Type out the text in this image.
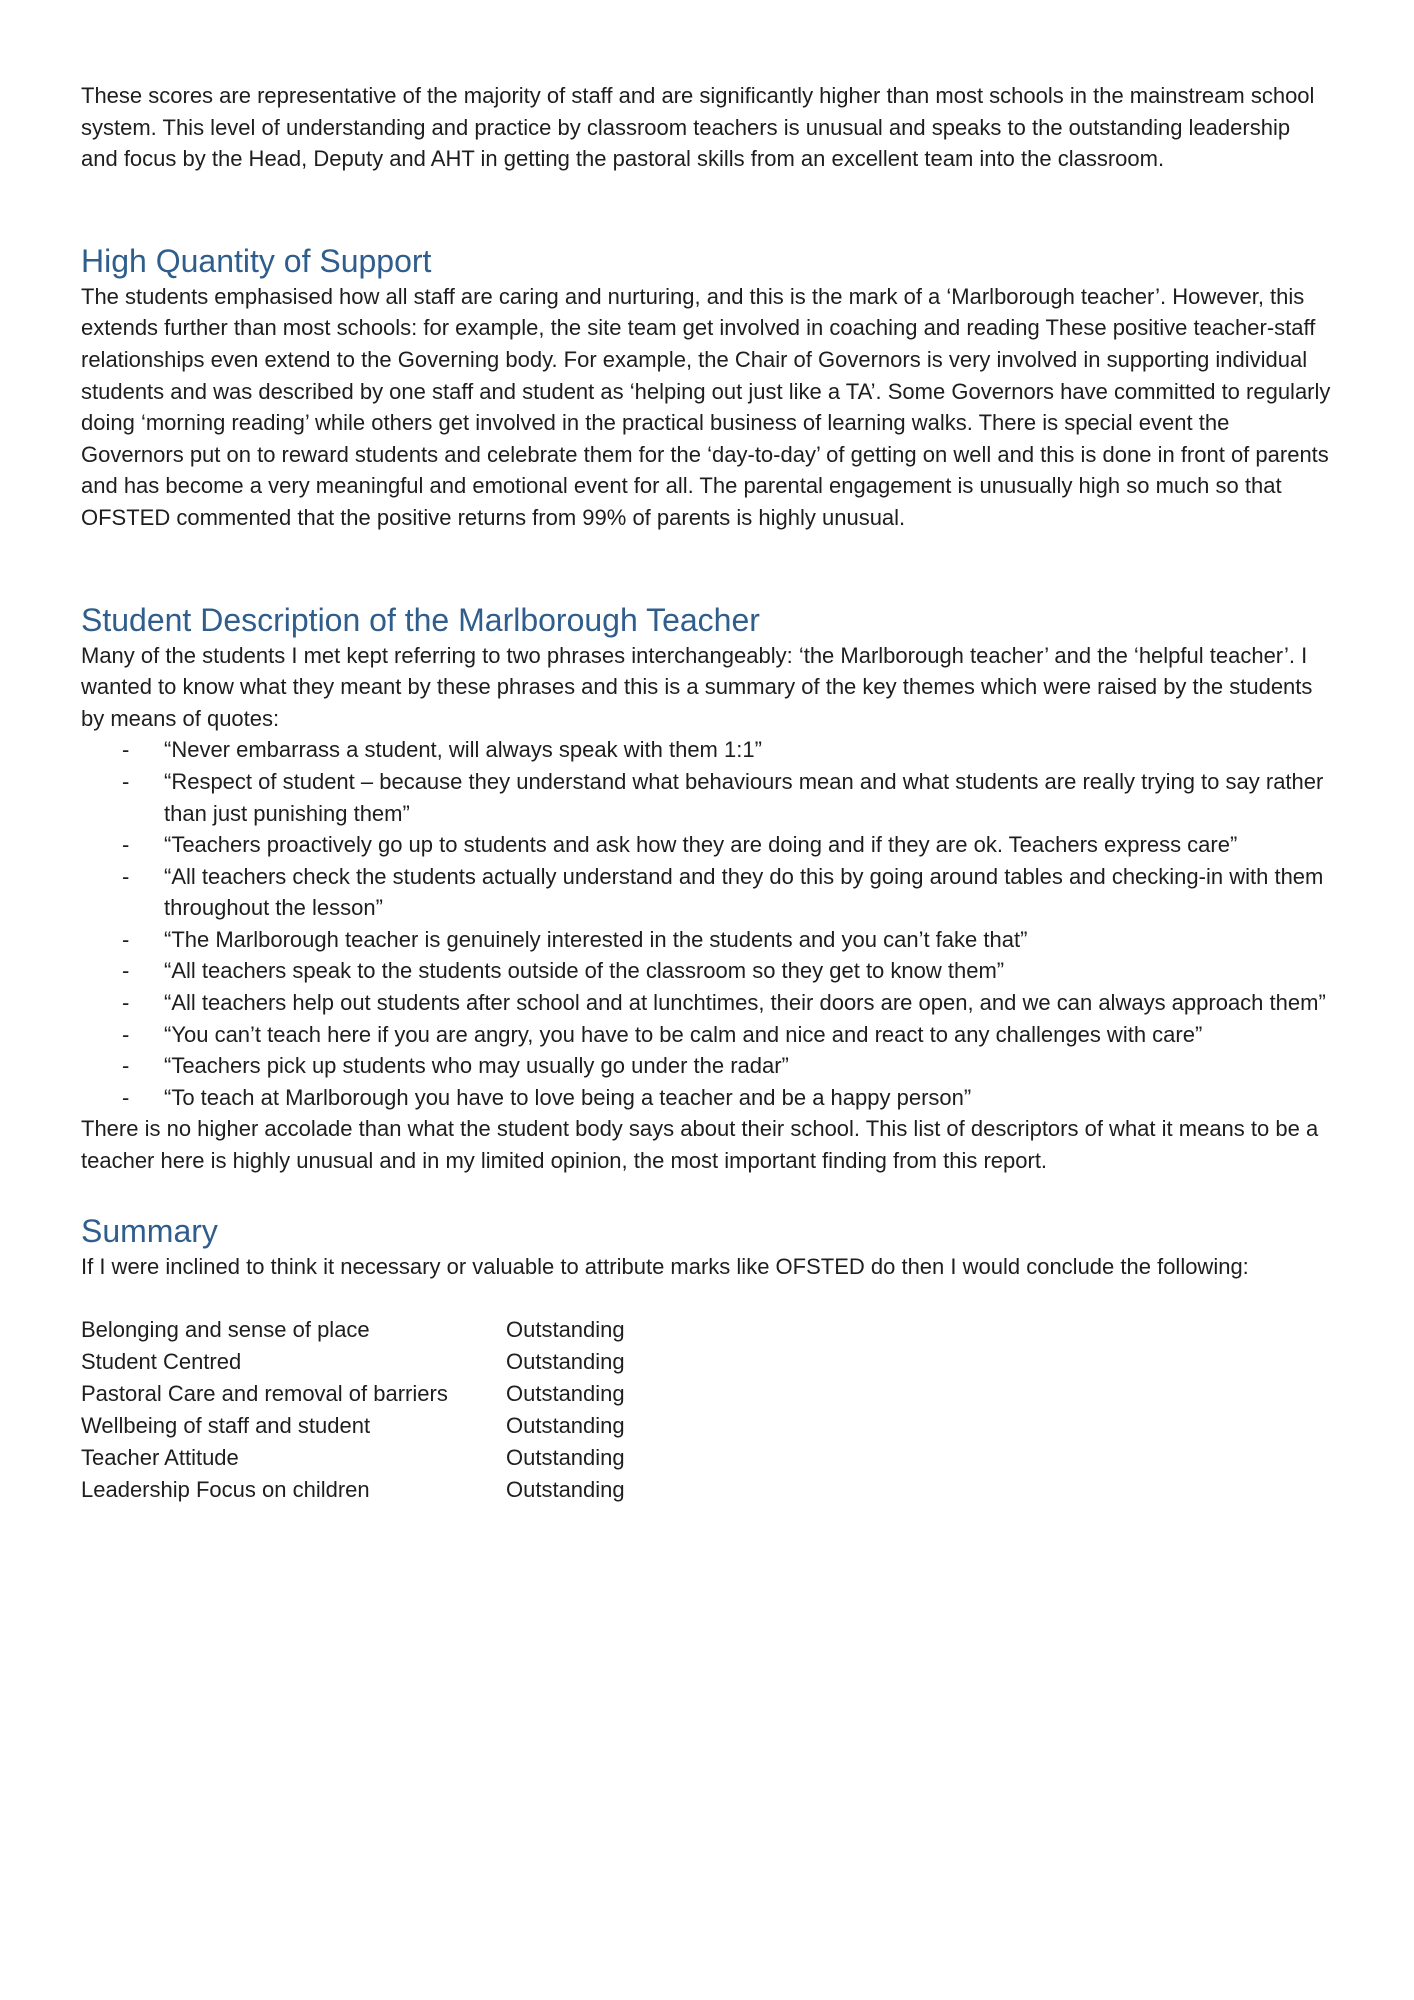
These scores are representative of the majority of staff and are significantly higher than most schools in the mainstream school system. This level of understanding and practice by classroom teachers is unusual and speaks to the outstanding leadership and focus by the Head, Deputy and AHT in getting the pastoral skills from an excellent team into the classroom.

High Quantity of Support

The students emphasised how all staff are caring and nurturing, and this is the mark of a ‘Marlborough teacher’. However, this extends further than most schools: for example, the site team get involved in coaching and reading These positive teacher-staff relationships even extend to the Governing body. For example, the Chair of Governors is very involved in supporting individual students and was described by one staff and student as ‘helping out just like a TA’. Some Governors have committed to regularly doing ‘morning reading’ while others get involved in the practical business of learning walks. There is special event the Governors put on to reward students and celebrate them for the ‘day-to-day’ of getting on well and this is done in front of parents and has become a very meaningful and emotional event for all. The parental engagement is unusually high so much so that OFSTED commented that the positive returns from 99% of parents is highly unusual.

Student Description of the Marlborough Teacher

Many of the students I met kept referring to two phrases interchangeably: ‘the Marlborough teacher’ and the ‘helpful teacher’. I wanted to know what they meant by these phrases and this is a summary of the key themes which were raised by the students by means of quotes:

- “Never embarrass a student, will always speak with them 1:1”
- “Respect of student – because they understand what behaviours mean and what students are really trying to say rather than just punishing them”
- “Teachers proactively go up to students and ask how they are doing and if they are ok. Teachers express care”
- “All teachers check the students actually understand and they do this by going around tables and checking-in with them throughout the lesson”
- “The Marlborough teacher is genuinely interested in the students and you can’t fake that”
- “All teachers speak to the students outside of the classroom so they get to know them”
- “All teachers help out students after school and at lunchtimes, their doors are open, and we can always approach them”
- “You can’t teach here if you are angry, you have to be calm and nice and react to any challenges with care”
- “Teachers pick up students who may usually go under the radar”
- “To teach at Marlborough you have to love being a teacher and be a happy person”

There is no higher accolade than what the student body says about their school. This list of descriptors of what it means to be a teacher here is highly unusual and in my limited opinion, the most important finding from this report.

Summary

If I were inclined to think it necessary or valuable to attribute marks like OFSTED do then I would conclude the following:

Belonging and sense of place	Outstanding
Student Centred	Outstanding
Pastoral Care and removal of barriers	Outstanding
Wellbeing of staff and student	Outstanding
Teacher Attitude	Outstanding
Leadership Focus on children	Outstanding
